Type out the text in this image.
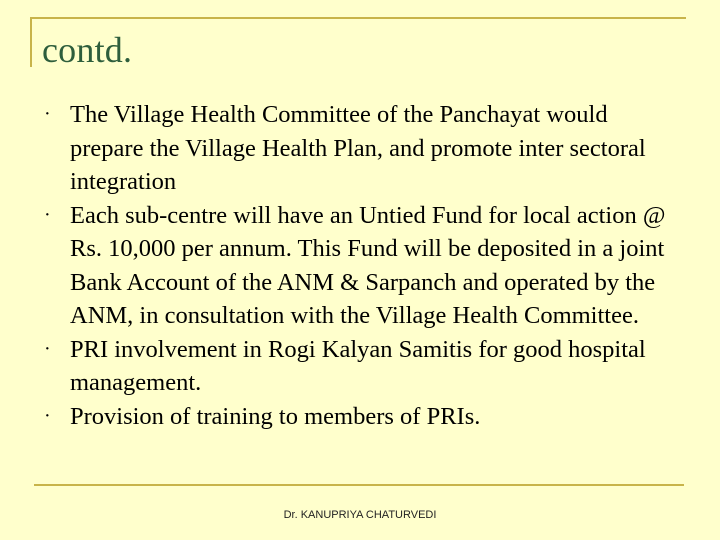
contd.
· The Village Health Committee of the Panchayat would prepare the Village Health Plan, and promote inter sectoral integration
· Each sub-centre will have an Untied Fund for local action @ Rs. 10,000 per annum. This Fund will be deposited in a joint Bank Account of the ANM & Sarpanch and operated by the ANM, in consultation with the Village Health Committee.
· PRI involvement in Rogi Kalyan Samitis for good hospital management.
· Provision of training to members of PRIs.
Dr. KANUPRIYA CHATURVEDI
